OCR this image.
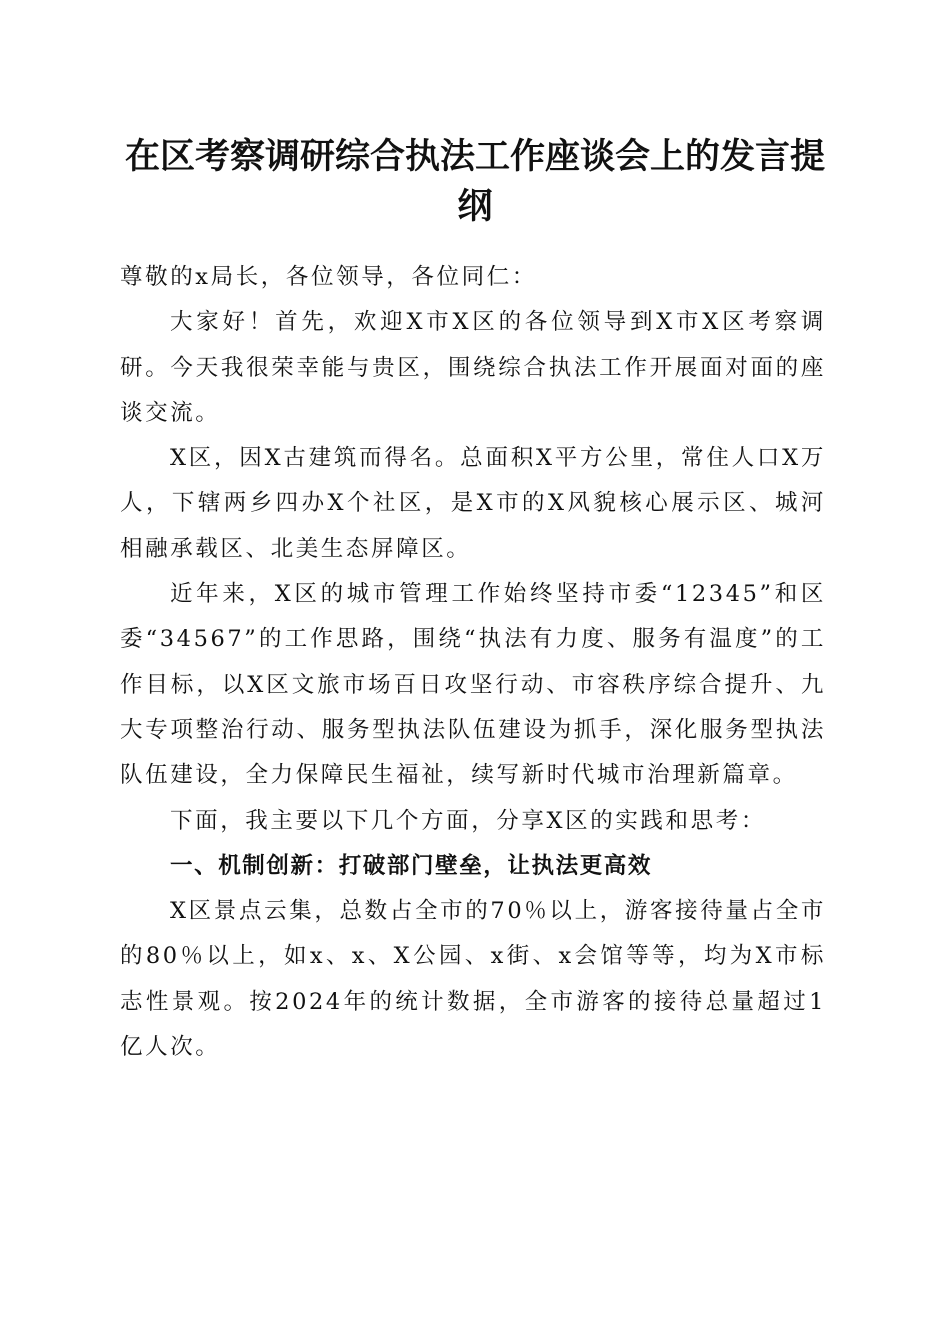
在区考察调研综合执法工作座谈会上的发言提纲

尊敬的x局长，各位领导，各位同仁：

大家好！首先，欢迎X市X区的各位领导到X市X区考察调研。今天我很荣幸能与贵区，围绕综合执法工作开展面对面的座谈交流。

X区，因X古建筑而得名。总面积X平方公里，常住人口X万人，下辖两乡四办X个社区，是X市的X风貌核心展示区、城河相融承载区、北美生态屏障区。

近年来，X区的城市管理工作始终坚持市委“12345”和区委“34567”的工作思路，围绕“执法有力度、服务有温度”的工作目标，以X区文旅市场百日攻坚行动、市容秩序综合提升、九大专项整治行动、服务型执法队伍建设为抓手，深化服务型执法队伍建设，全力保障民生福祉，续写新时代城市治理新篇章。

下面，我主要以下几个方面，分享X区的实践和思考：

一、机制创新：打破部门壁垒，让执法更高效

X区景点云集，总数占全市的70％以上，游客接待量占全市的80％以上，如x、x、X公园、x街、x会馆等等，均为X市标志性景观。按2024年的统计数据，全市游客的接待总量超过1亿人次。
